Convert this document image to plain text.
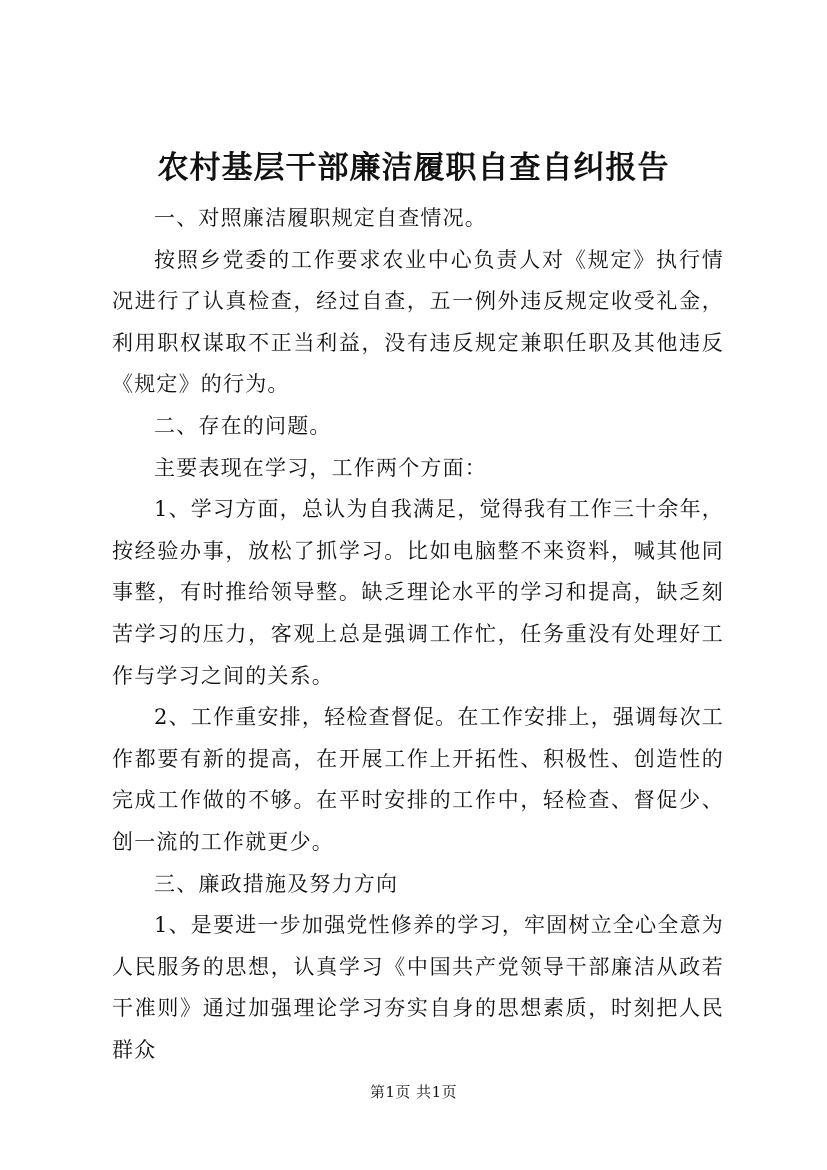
农村基层干部廉洁履职自查自纠报告

一、对照廉洁履职规定自查情况。

按照乡党委的工作要求农业中心负责人对《规定》执行情况进行了认真检查，经过自查，五一例外违反规定收受礼金，利用职权谋取不正当利益，没有违反规定兼职任职及其他违反《规定》的行为。

二、存在的问题。

主要表现在学习，工作两个方面：

1、学习方面，总认为自我满足，觉得我有工作三十余年，按经验办事，放松了抓学习。比如电脑整不来资料，喊其他同事整，有时推给领导整。缺乏理论水平的学习和提高，缺乏刻苦学习的压力，客观上总是强调工作忙，任务重没有处理好工作与学习之间的关系。

2、工作重安排，轻检查督促。在工作安排上，强调每次工作都要有新的提高，在开展工作上开拓性、积极性、创造性的完成工作做的不够。在平时安排的工作中，轻检查、督促少、创一流的工作就更少。

三、廉政措施及努力方向

1、是要进一步加强党性修养的学习，牢固树立全心全意为人民服务的思想，认真学习《中国共产党领导干部廉洁从政若干准则》通过加强理论学习夯实自身的思想素质，时刻把人民群众

第1页 共1页
